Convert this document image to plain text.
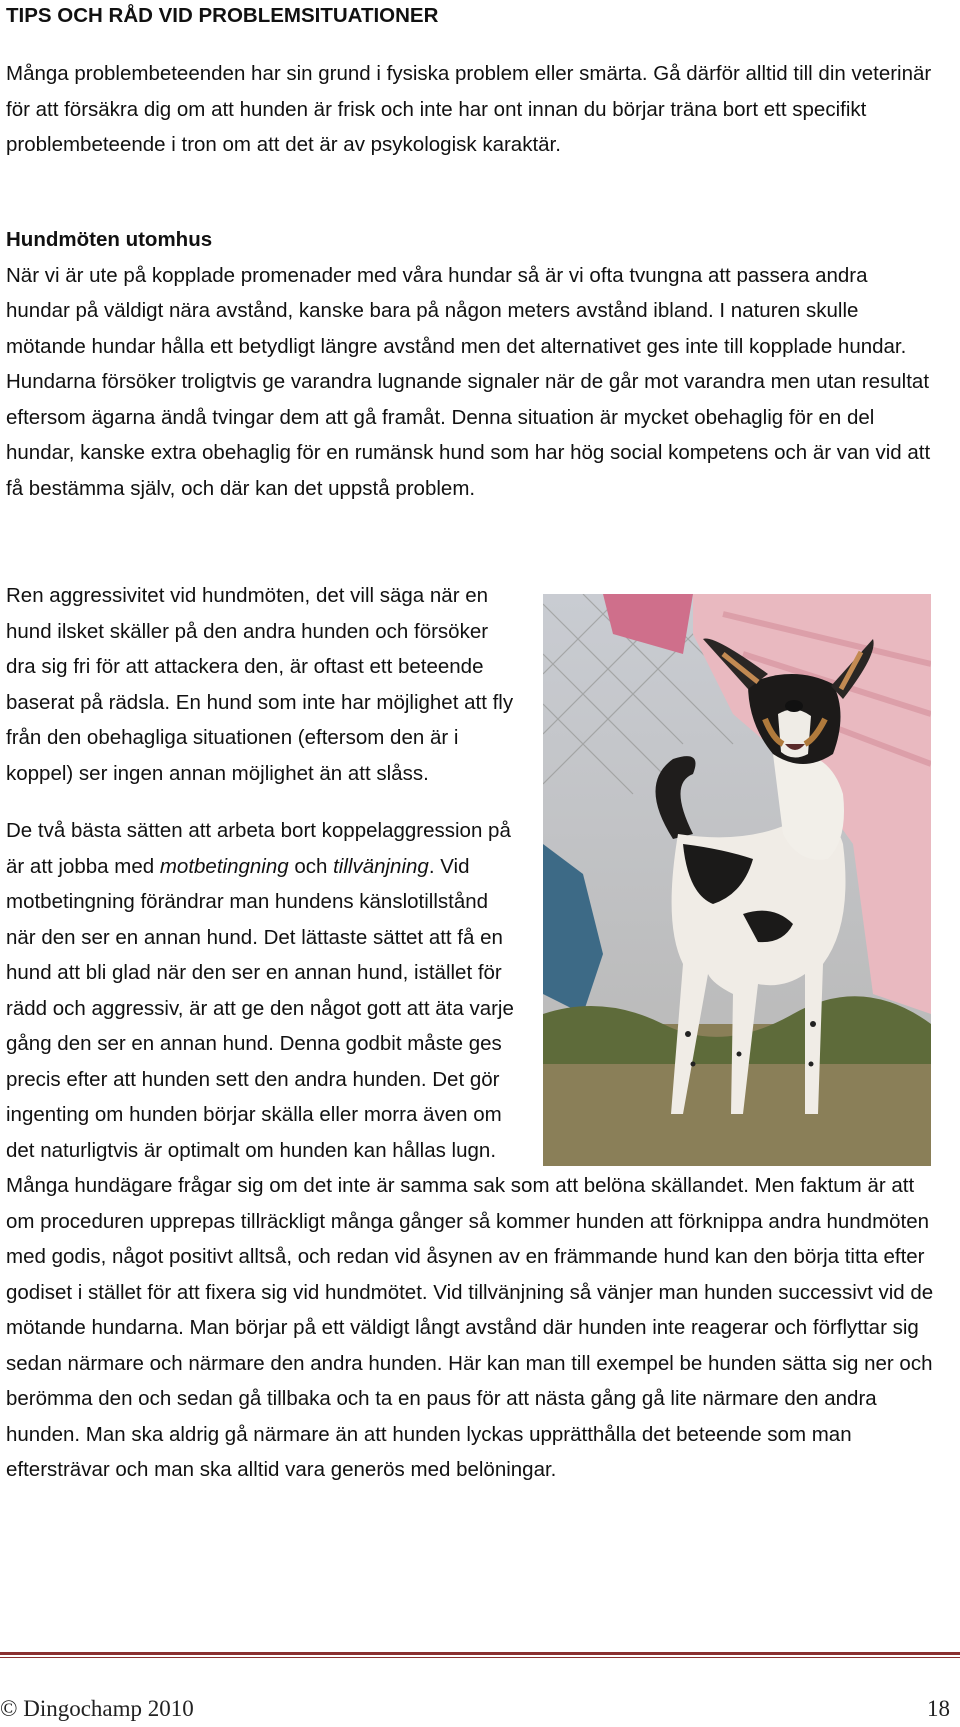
TIPS OCH RÅD VID PROBLEMSITUATIONER

Många problembeteenden har sin grund i fysiska problem eller smärta. Gå därför alltid till din veterinär för att försäkra dig om att hunden är frisk och inte har ont innan du börjar träna bort ett specifikt problembeteende i tron om att det är av psykologisk karaktär.

Hundmöten utomhus

När vi är ute på kopplade promenader med våra hundar så är vi ofta tvungna att passera andra hundar på väldigt nära avstånd, kanske bara på någon meters avstånd ibland. I naturen skulle mötande hundar hålla ett betydligt längre avstånd men det alternativet ges inte till kopplade hundar. Hundarna försöker troligtvis ge varandra lugnande signaler när de går mot varandra men utan resultat eftersom ägarna ändå tvingar dem att gå framåt. Denna situation är mycket obehaglig för en del hundar, kanske extra obehaglig för en rumänsk hund som har hög social kompetens och är van vid att få bestämma själv, och där kan det uppstå problem.

Ren aggressivitet vid hundmöten, det vill säga när en hund ilsket skäller på den andra hunden och försöker dra sig fri för att attackera den, är oftast ett beteende baserat på rädsla. En hund som inte har möjlighet att fly från den obehagliga situationen (eftersom den är i koppel) ser ingen annan möjlighet än att slåss.

De två bästa sätten att arbeta bort koppelaggression på är att jobba med motbetingning och tillvänjning. Vid motbetingning förändrar man hundens känslotillstånd när den ser en annan hund. Det lättaste sättet att få en hund att bli glad när den ser en annan hund, istället för rädd och aggressiv, är att ge den något gott att äta varje gång den ser en annan hund. Denna godbit måste ges precis efter att hunden sett den andra hunden. Det gör ingenting om hunden börjar skälla eller morra även om det naturligtvis är optimalt om hunden kan hållas lugn. Många hundägare frågar sig om det inte är samma sak som att belöna skällandet. Men faktum är att om proceduren upprepas tillräckligt många gånger så kommer hunden att förknippa andra hundmöten med godis, något positivt alltså, och redan vid åsynen av en främmande hund kan den börja titta efter godiset i stället för att fixera sig vid hundmötet. Vid tillvänjning så vänjer man hunden successivt vid de mötande hundarna. Man börjar på ett väldigt långt avstånd där hunden inte reagerar och förflyttar sig sedan närmare och närmare den andra hunden. Här kan man till exempel be hunden sätta sig ner och berömma den och sedan gå tillbaka och ta en paus för att nästa gång gå lite närmare den andra hunden. Man ska aldrig gå närmare än att hunden lyckas upprätthålla det beteende som man eftersträvar och man ska alltid vara generös med belöningar.

© Dingochamp 2010	18
